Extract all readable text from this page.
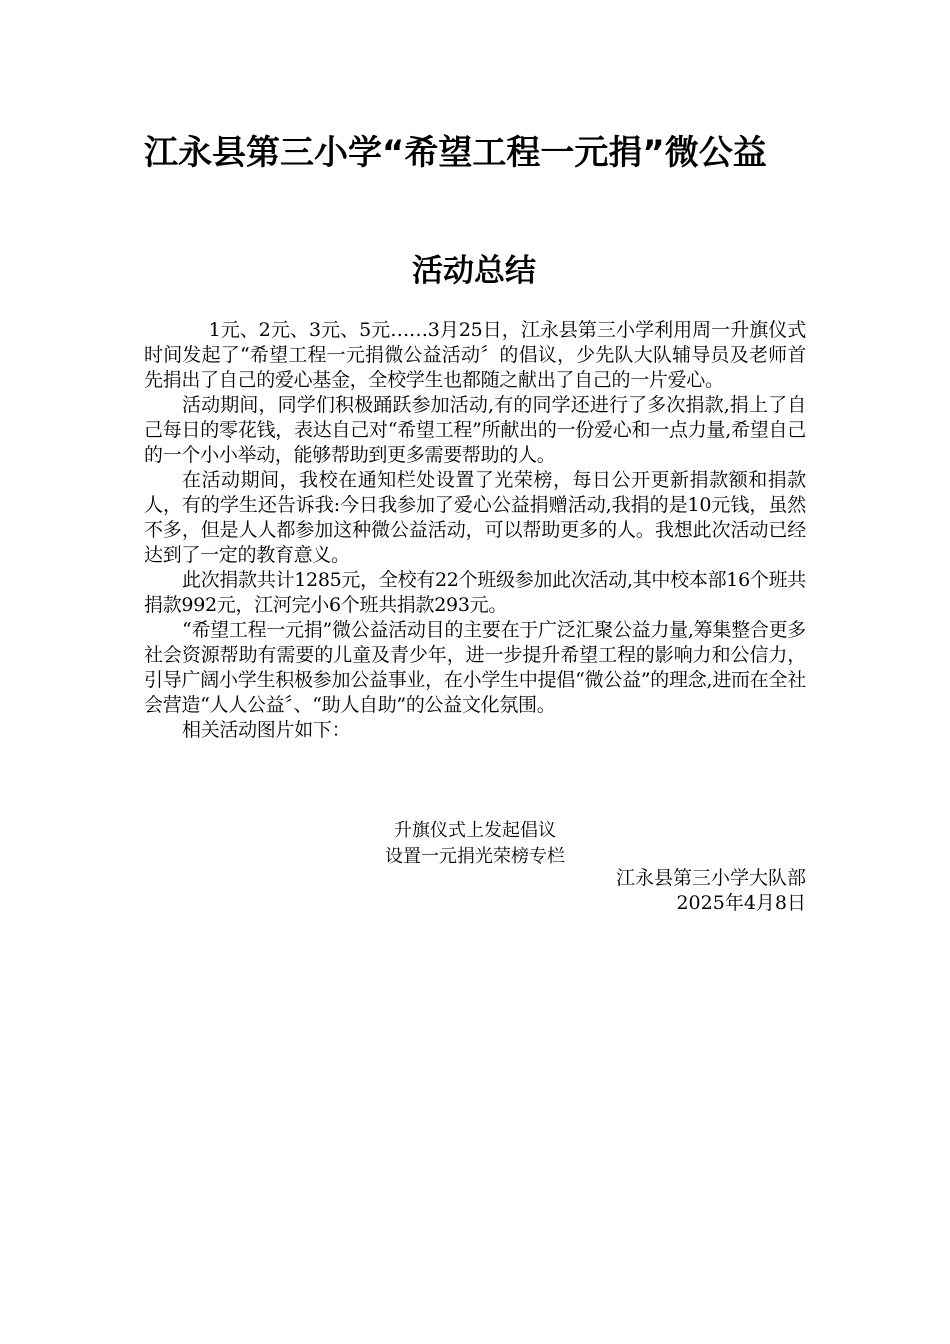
江永县第三小学“希望工程一元捐”微公益
活动总结

1元、2元、3元、5元……3月25日，江永县第三小学利用周一升旗仪式时间发起了“希望工程一元捐微公益活动〞的倡议，少先队大队辅导员及老师首先捐出了自己的爱心基金，全校学生也都随之献出了自己的一片爱心。

活动期间，同学们积极踊跃参加活动,有的同学还进行了多次捐款,捐上了自己每日的零花钱，表达自己对“希望工程”所献出的一份爱心和一点力量,希望自己的一个小小举动，能够帮助到更多需要帮助的人。

在活动期间，我校在通知栏处设置了光荣榜，每日公开更新捐款额和捐款人，有的学生还告诉我:今日我参加了爱心公益捐赠活动,我捐的是10元钱，虽然不多，但是人人都参加这种微公益活动，可以帮助更多的人。我想此次活动已经达到了一定的教育意义。

此次捐款共计1285元，全校有22个班级参加此次活动,其中校本部16个班共捐款992元，江河完小6个班共捐款293元。

“希望工程一元捐”微公益活动目的主要在于广泛汇聚公益力量,筹集整合更多社会资源帮助有需要的儿童及青少年，进一步提升希望工程的影响力和公信力，引导广阔小学生积极参加公益事业，在小学生中提倡“微公益”的理念,进而在全社会营造“人人公益〞、“助人自助”的公益文化氛围。

相关活动图片如下：

升旗仪式上发起倡议
设置一元捐光荣榜专栏
江永县第三小学大队部
2025年4月8日
